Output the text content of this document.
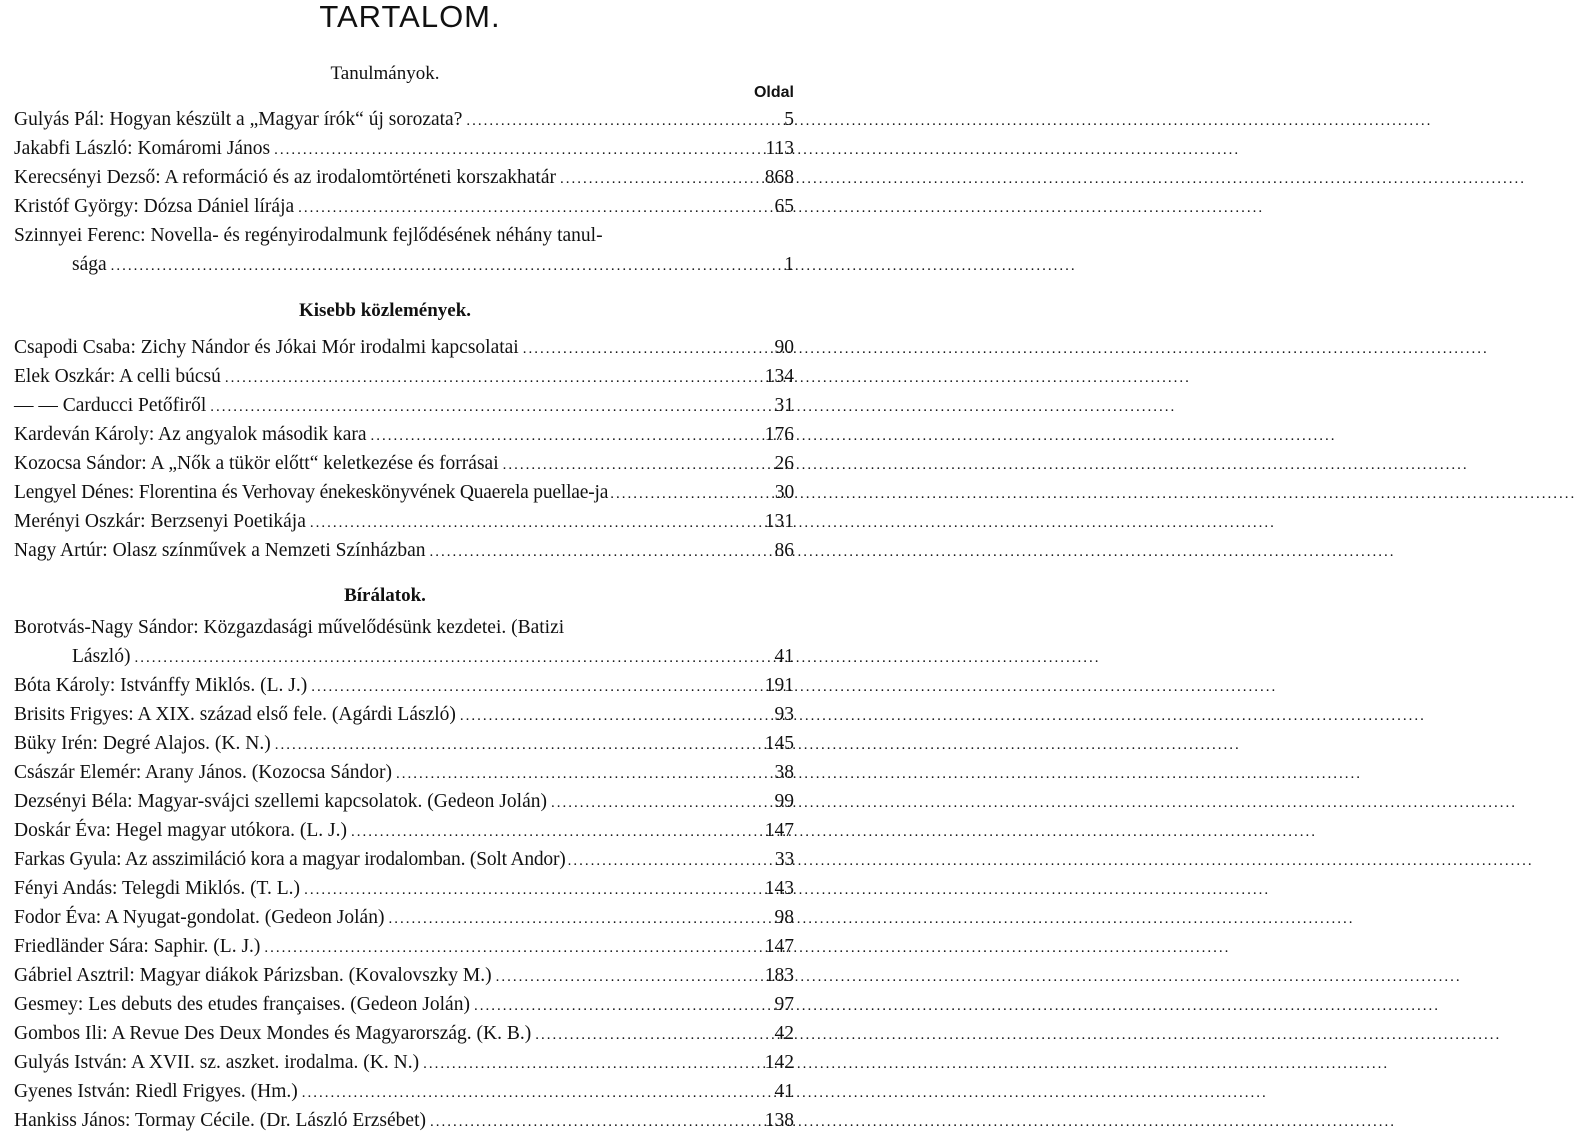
TARTALOM.
Tanulmányok.
Oldal
Gulyás Pál: Hogyan készült a „Magyar írók“ új sorozata? .....	5
Jakabfi László: Komáromi János .....	113
Kerecsényi Dezső: A reformáció és az irodalomtörténeti korszakhatár .....	868
Kristóf György: Dózsa Dániel lírája .....	65
Szinnyei Ferenc: Novella- és regényirodalmunk fejlődésének néhány tanul-
sága .....	1
Kisebb közlemények.
Csapodi Csaba: Zichy Nándor és Jókai Mór irodalmi kapcsolatai .....	90
Elek Oszkár: A celli búcsú .....	134
— — Carducci Petőfiről .....	31
Kardeván Károly: Az angyalok második kara .....	176
Kozocsa Sándor: A „Nők a tükör előtt“ keletkezése és forrásai .....	26
Lengyel Dénes: Florentina és Verhovay énekeskönyvének Quaerela puellae-ja .....	30
Merényi Oszkár: Berzsenyi Poetikája .....	131
Nagy Artúr: Olasz színművek a Nemzeti Színházban .....	86
Bírálatok.
Borotvás-Nagy Sándor: Közgazdasági művelődésünk kezdetei. (Batizi
László) .....	41
Bóta Károly: Istvánffy Miklós. (L. J.) .....	191
Brisits Frigyes: A XIX. század első fele. (Agárdi László) .....	93
Büky Irén: Degré Alajos. (K. N.) .....	145
Császár Elemér: Arany János. (Kozocsa Sándor) .....	38
Dezsényi Béla: Magyar-svájci szellemi kapcsolatok. (Gedeon Jolán) .....	99
Doskár Éva: Hegel magyar utókora. (L. J.) .....	147
Farkas Gyula: Az asszimiláció kora a magyar irodalomban. (Solt Andor) .....	33
Fényi Andás: Telegdi Miklós. (T. L.) .....	143
Fodor Éva: A Nyugat-gondolat. (Gedeon Jolán) .....	98
Friedländer Sára: Saphir. (L. J.) .....	147
Gábriel Asztril: Magyar diákok Párizsban. (Kovalovszky M.) .....	183
Gesmey: Les debuts des etudes françaises. (Gedeon Jolán) .....	97
Gombos Ili: A Revue Des Deux Mondes és Magyarország. (K. B.) .....	42
Gulyás István: A XVII. sz. aszket. irodalma. (K. N.) .....	142
Gyenes István: Riedl Frigyes. (Hm.) .....	41
Hankiss János: Tormay Cécile. (Dr. László Erzsébet) .....	138
